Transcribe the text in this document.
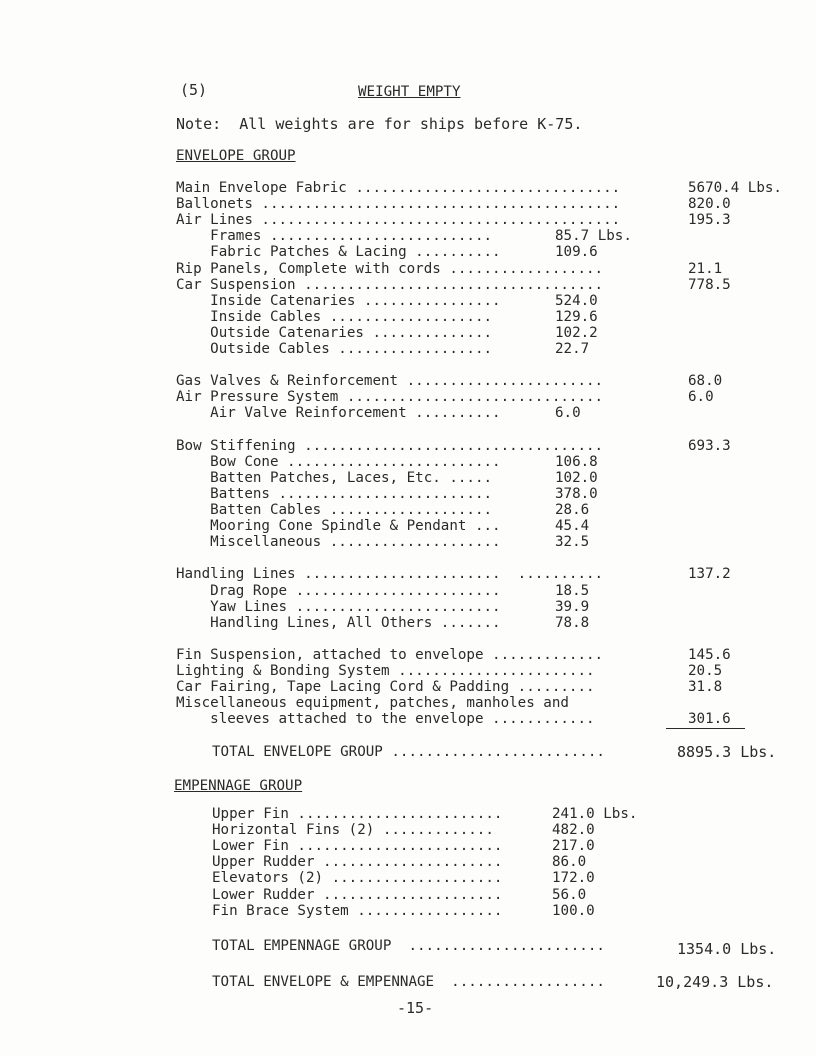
(5)	WEIGHT EMPTY
Note:  All weights are for ships before K-75.
ENVELOPE GROUP
Main Envelope Fabric ...............................	5670.4 Lbs.
Ballonets ..........................................	820.0
Air Lines ..........................................	195.3
Frames ..........................	85.7 Lbs.
Fabric Patches & Lacing ..........	109.6
Rip Panels, Complete with cords ..................	21.1
Car Suspension ...................................	778.5
Inside Catenaries ................	524.0
Inside Cables ...................	129.6
Outside Catenaries ..............	102.2
Outside Cables ..................	22.7
Gas Valves & Reinforcement .......................	68.0
Air Pressure System ..............................	6.0
Air Valve Reinforcement ..........	6.0
Bow Stiffening ...................................	693.3
Bow Cone .........................	106.8
Batten Patches, Laces, Etc. .....	102.0
Battens .........................	378.0
Batten Cables ...................	28.6
Mooring Cone Spindle & Pendant ...	45.4
Miscellaneous ....................	32.5
Handling Lines .......................  ..........	137.2
Drag Rope ........................	18.5
Yaw Lines ........................	39.9
Handling Lines, All Others .......	78.8
Fin Suspension, attached to envelope .............	145.6
Lighting & Bonding System .......................	20.5
Car Fairing, Tape Lacing Cord & Padding .........	31.8
Miscellaneous equipment, patches, manholes and
sleeves attached to the envelope ............	301.6
TOTAL ENVELOPE GROUP .........................	8895.3 Lbs.
EMPENNAGE GROUP
Upper Fin ........................	241.0 Lbs.
Horizontal Fins (2) .............	482.0
Lower Fin ........................	217.0
Upper Rudder .....................	86.0
Elevators (2) ....................	172.0
Lower Rudder .....................	56.0
Fin Brace System .................	100.0
TOTAL EMPENNAGE GROUP  .......................	1354.0 Lbs.
TOTAL ENVELOPE & EMPENNAGE  ..................	10,249.3 Lbs.
-15-
